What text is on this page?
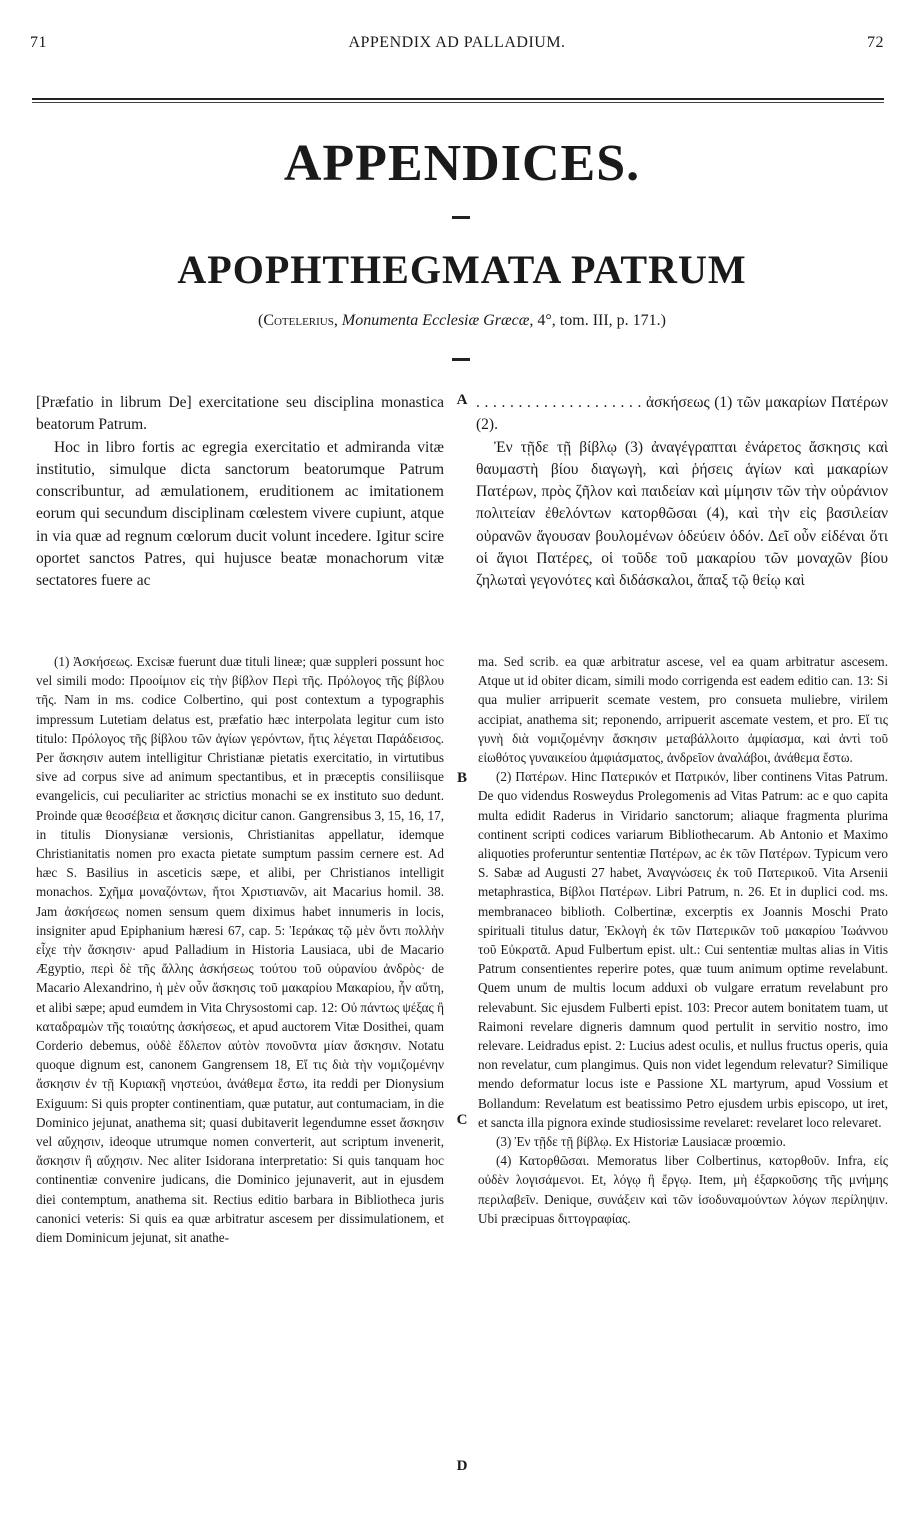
71	APPENDIX AD PALLADIUM.	72
APPENDICES.
APOPHTHEGMATA PATRUM
(Cotelerius, Monumenta Ecclesiæ Græcæ, 4°, tom. III, p. 171.)

[Præfatio in librum De] exercitatione seu disciplina monastica beatorum Patrum.

Hoc in libro fortis ac egregia exercitatio et admiranda vitæ institutio, simulque dicta sanctorum beatorumque Patrum conscribuntur, ad æmulationem, eruditionem ac imitationem eorum qui secundum disciplinam cœlestem vivere cupiunt, atque in via quæ ad regnum cœlorum ducit volunt incedere. Igitur scire oportet sanctos Patres, qui hujusce beatæ monachorum vitæ sectatores fuere ac

. . . . . . . . . . . . . . . . . . . . ἀσκήσεως (1) τῶν μακαρίων Πατέρων (2).

Ἐν τῇδε τῇ βίβλῳ (3) ἀναγέγραπται ἐνάρετος ἄσκησις καὶ θαυμαστὴ βίου διαγωγὴ, καὶ ῥήσεις ἁγίων καὶ μακαρίων Πατέρων, πρὸς ζῆλον καὶ παιδείαν καὶ μίμησιν τῶν τὴν οὐράνιον πολιτείαν ἐθελόντων κατορθῶσαι (4), καὶ τὴν εἰς βασιλείαν οὐρανῶν ἄγουσαν βουλομένων ὁδεύειν ὁδόν. Δεῖ οὖν εἰδέναι ὅτι οἱ ἅγιοι Πατέρες, οἱ τοῦδε τοῦ μακαρίου τῶν μοναχῶν βίου ζηλωταὶ γεγονότες καὶ διδάσκαλοι, ἅπαξ τῷ θείῳ καὶ

A
B
C
D

(1) Ἀσκήσεως. Excisæ fuerunt duæ tituli lineæ; quæ suppleri possunt hoc vel simili modo: Προοίμιον εἰς τὴν βίβλον Περὶ τῆς. Πρόλογος τῆς βίβλου τῆς. Nam in ms. codice Colbertino, qui post contextum a typographis impressum Lutetiam delatus est, præfatio hæc interpolata legitur cum isto titulo: Πρόλογος τῆς βίβλου τῶν ἁγίων γερόντων, ἥτις λέγεται Παράδεισος. Per ἄσκησιν autem intelligitur Christianæ pietatis exercitatio, in virtutibus sive ad corpus sive ad animum spectantibus, et in præceptis consiliisque evangelicis, cui peculiariter ac strictius monachi se ex instituto suo dedunt. Proinde quæ θεοσέβεια et ἄσκησις dicitur canon. Gangrensibus 3, 15, 16, 17, in titulis Dionysianæ versionis, Christianitas appellatur, idemque Christianitatis nomen pro exacta pietate sumptum passim cernere est. Ad hæc S. Basilius in asceticis sæpe, et alibi, per Christianos intelligit monachos. Σχῆμα μοναζόντων, ἤτοι Χριστιανῶν, ait Macarius homil. 38. Jam ἀσκήσεως nomen sensum quem diximus habet innumeris in locis, insigniter apud Epiphanium hæresi 67, cap. 5: Ἱεράκας τῷ μὲν ὄντι πολλὴν εἶχε τὴν ἄσκησιν· apud Palladium in Historia Lausiaca, ubi de Macario Ægyptio, περὶ δὲ τῆς ἄλλης ἀσκήσεως τούτου τοῦ οὐρανίου ἀνδρὸς· de Macario Alexandrino, ἡ μὲν οὖν ἄσκησις τοῦ μακαρίου Μακαρίου, ἦν αὕτη, et alibi sæpe; apud eumdem in Vita Chrysostomi cap. 12: Οὐ πάντως ψέξας ἢ καταδραμὼν τῆς τοιαύτης ἀσκήσεως, et apud auctorem Vitæ Dosithei, quam Corderio debemus, οὐδὲ ἔδλεπον αὐτὸν πονοῦντα μίαν ἄσκησιν. Notatu quoque dignum est, canonem Gangrensem 18, Εἴ τις διὰ τὴν νομιζομένην ἄσκησιν ἐν τῇ Κυριακῇ νηστεύοι, ἀνάθεμα ἔστω, ita reddi per Dionysium Exiguum: Si quis propter continentiam, quæ putatur, aut contumaciam, in die Dominico jejunat, anathema sit; quasi dubitaverit legendumne esset ἄσκησιν vel αὔχησιν, ideoque utrumque nomen converterit, aut scriptum invenerit, ἄσκησιν ἢ αὔχησιν. Nec aliter Isidorana interpretatio: Si quis tanquam hoc continentiæ convenire judicans, die Dominico jejunaverit, aut in ejusdem diei contemptum, anathema sit. Rectius editio barbara in Bibliotheca juris canonici veteris: Si quis ea quæ arbitratur ascesem per dissimulationem, et diem Dominicum jejunat, sit anathe-

ma. Sed scrib. ea quæ arbitratur ascese, vel ea quam arbitratur ascesem. Atque ut id obiter dicam, simili modo corrigenda est eadem editio can. 13: Si qua mulier arripuerit scemate vestem, pro consueta muliebre, virilem accipiat, anathema sit; reponendo, arripuerit ascemate vestem, et pro. Εἴ τις γυνὴ διὰ νομιζομένην ἄσκησιν μεταβάλλοιτο ἀμφίασμα, καὶ ἀντὶ τοῦ εἰωθότος γυναικείου ἀμφιάσματος, ἀνδρεῖον ἀναλάβοι, ἀνάθεμα ἔστω.

(2) Πατέρων. Hinc Πατερικόν et Πατρικόν, liber continens Vitas Patrum. De quo videndus Rosweydus Prolegomenis ad Vitas Patrum: ac e quo capita multa edidit Raderus in Viridario sanctorum; aliaque fragmenta plurima continent scripti codices variarum Bibliothecarum. Ab Antonio et Maximo aliquoties proferuntur sententiæ Πατέρων, ac ἐκ τῶν Πατέρων. Typicum vero S. Sabæ ad Augusti 27 habet, Ἀναγνώσεις ἐκ τοῦ Πατερικοῦ. Vita Arsenii metaphrastica, Βίβλοι Πατέρων. Libri Patrum, n. 26. Et in duplici cod. ms. membranaceo biblioth. Colbertinæ, excerptis ex Joannis Moschi Prato spirituali titulus datur, Ἐκλογὴ ἐκ τῶν Πατερικῶν τοῦ μακαρίου Ἰωάννου τοῦ Εὐκρατᾶ. Apud Fulbertum epist. ult.: Cui sententiæ multas alias in Vitis Patrum consentientes reperire potes, quæ tuum animum optime revelabunt. Quem unum de multis locum adduxi ob vulgare erratum revelabunt pro relevabunt. Sic ejusdem Fulberti epist. 103: Precor autem bonitatem tuam, ut Raimoni revelare digneris damnum quod pertulit in servitio nostro, imo relevare. Leidradus epist. 2: Lucius adest oculis, et nullus fructus operis, quia non revelatur, cum plangimus. Quis non videt legendum relevatur? Similique mendo deformatur locus iste e Passione XL martyrum, apud Vossium et Bollandum: Revelatum est beatissimo Petro ejusdem urbis episcopo, ut iret, et sancta illa pignora exinde studiosissime revelaret: revelaret loco relevaret.

(3) Ἐν τῇδε τῇ βίβλῳ. Ex Historiæ Lausiacæ proœmio.

(4) Κατορθῶσαι. Memoratus liber Colbertinus, κατορθοῦν. Infra, εἰς οὐδὲν λογισάμενοι. Et, λόγῳ ἢ ἔργῳ. Item, μὴ ἐξαρκοῦσης τῆς μνήμης περιλαβεῖν. Denique, συνάξειν καὶ τῶν ἰσοδυναμούντων λόγων περίληψιν. Ubi præcipuas διττογραφίας.
